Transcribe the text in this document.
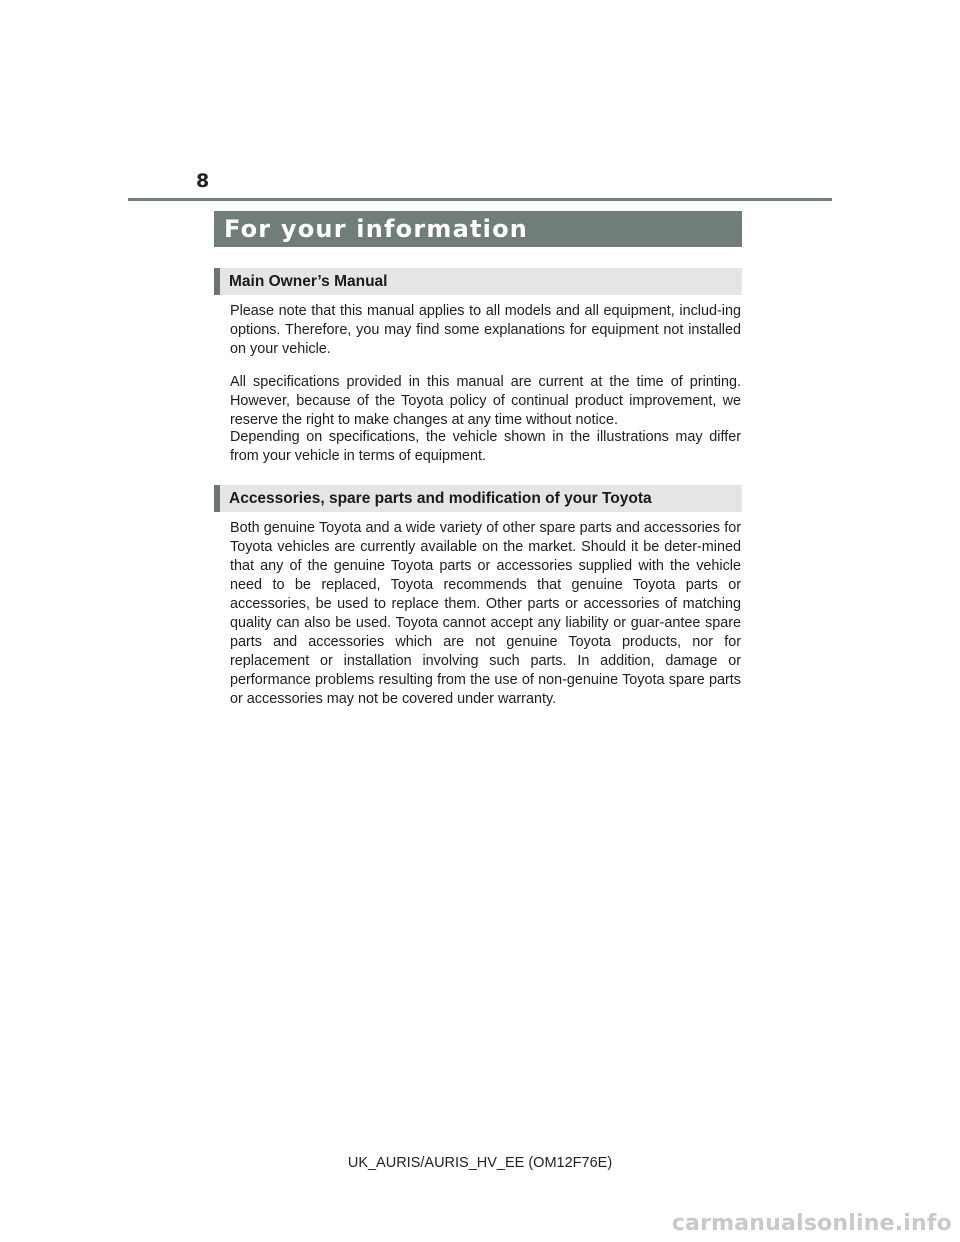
8
For your information
Main Owner’s Manual

Please note that this manual applies to all models and all equipment, includ-ing options. Therefore, you may find some explanations for equipment not installed on your vehicle.

All specifications provided in this manual are current at the time of printing. However, because of the Toyota policy of continual product improvement, we reserve the right to make changes at any time without notice.

Depending on specifications, the vehicle shown in the illustrations may differ from your vehicle in terms of equipment.

Accessories, spare parts and modification of your Toyota

Both genuine Toyota and a wide variety of other spare parts and accessories for Toyota vehicles are currently available on the market. Should it be deter-mined that any of the genuine Toyota parts or accessories supplied with the vehicle need to be replaced, Toyota recommends that genuine Toyota parts or accessories, be used to replace them. Other parts or accessories of matching quality can also be used. Toyota cannot accept any liability or guar-antee spare parts and accessories which are not genuine Toyota products, nor for replacement or installation involving such parts. In addition, damage or performance problems resulting from the use of non-genuine Toyota spare parts or accessories may not be covered under warranty.

UK_AURIS/AURIS_HV_EE (OM12F76E)
carmanualsonline.info
